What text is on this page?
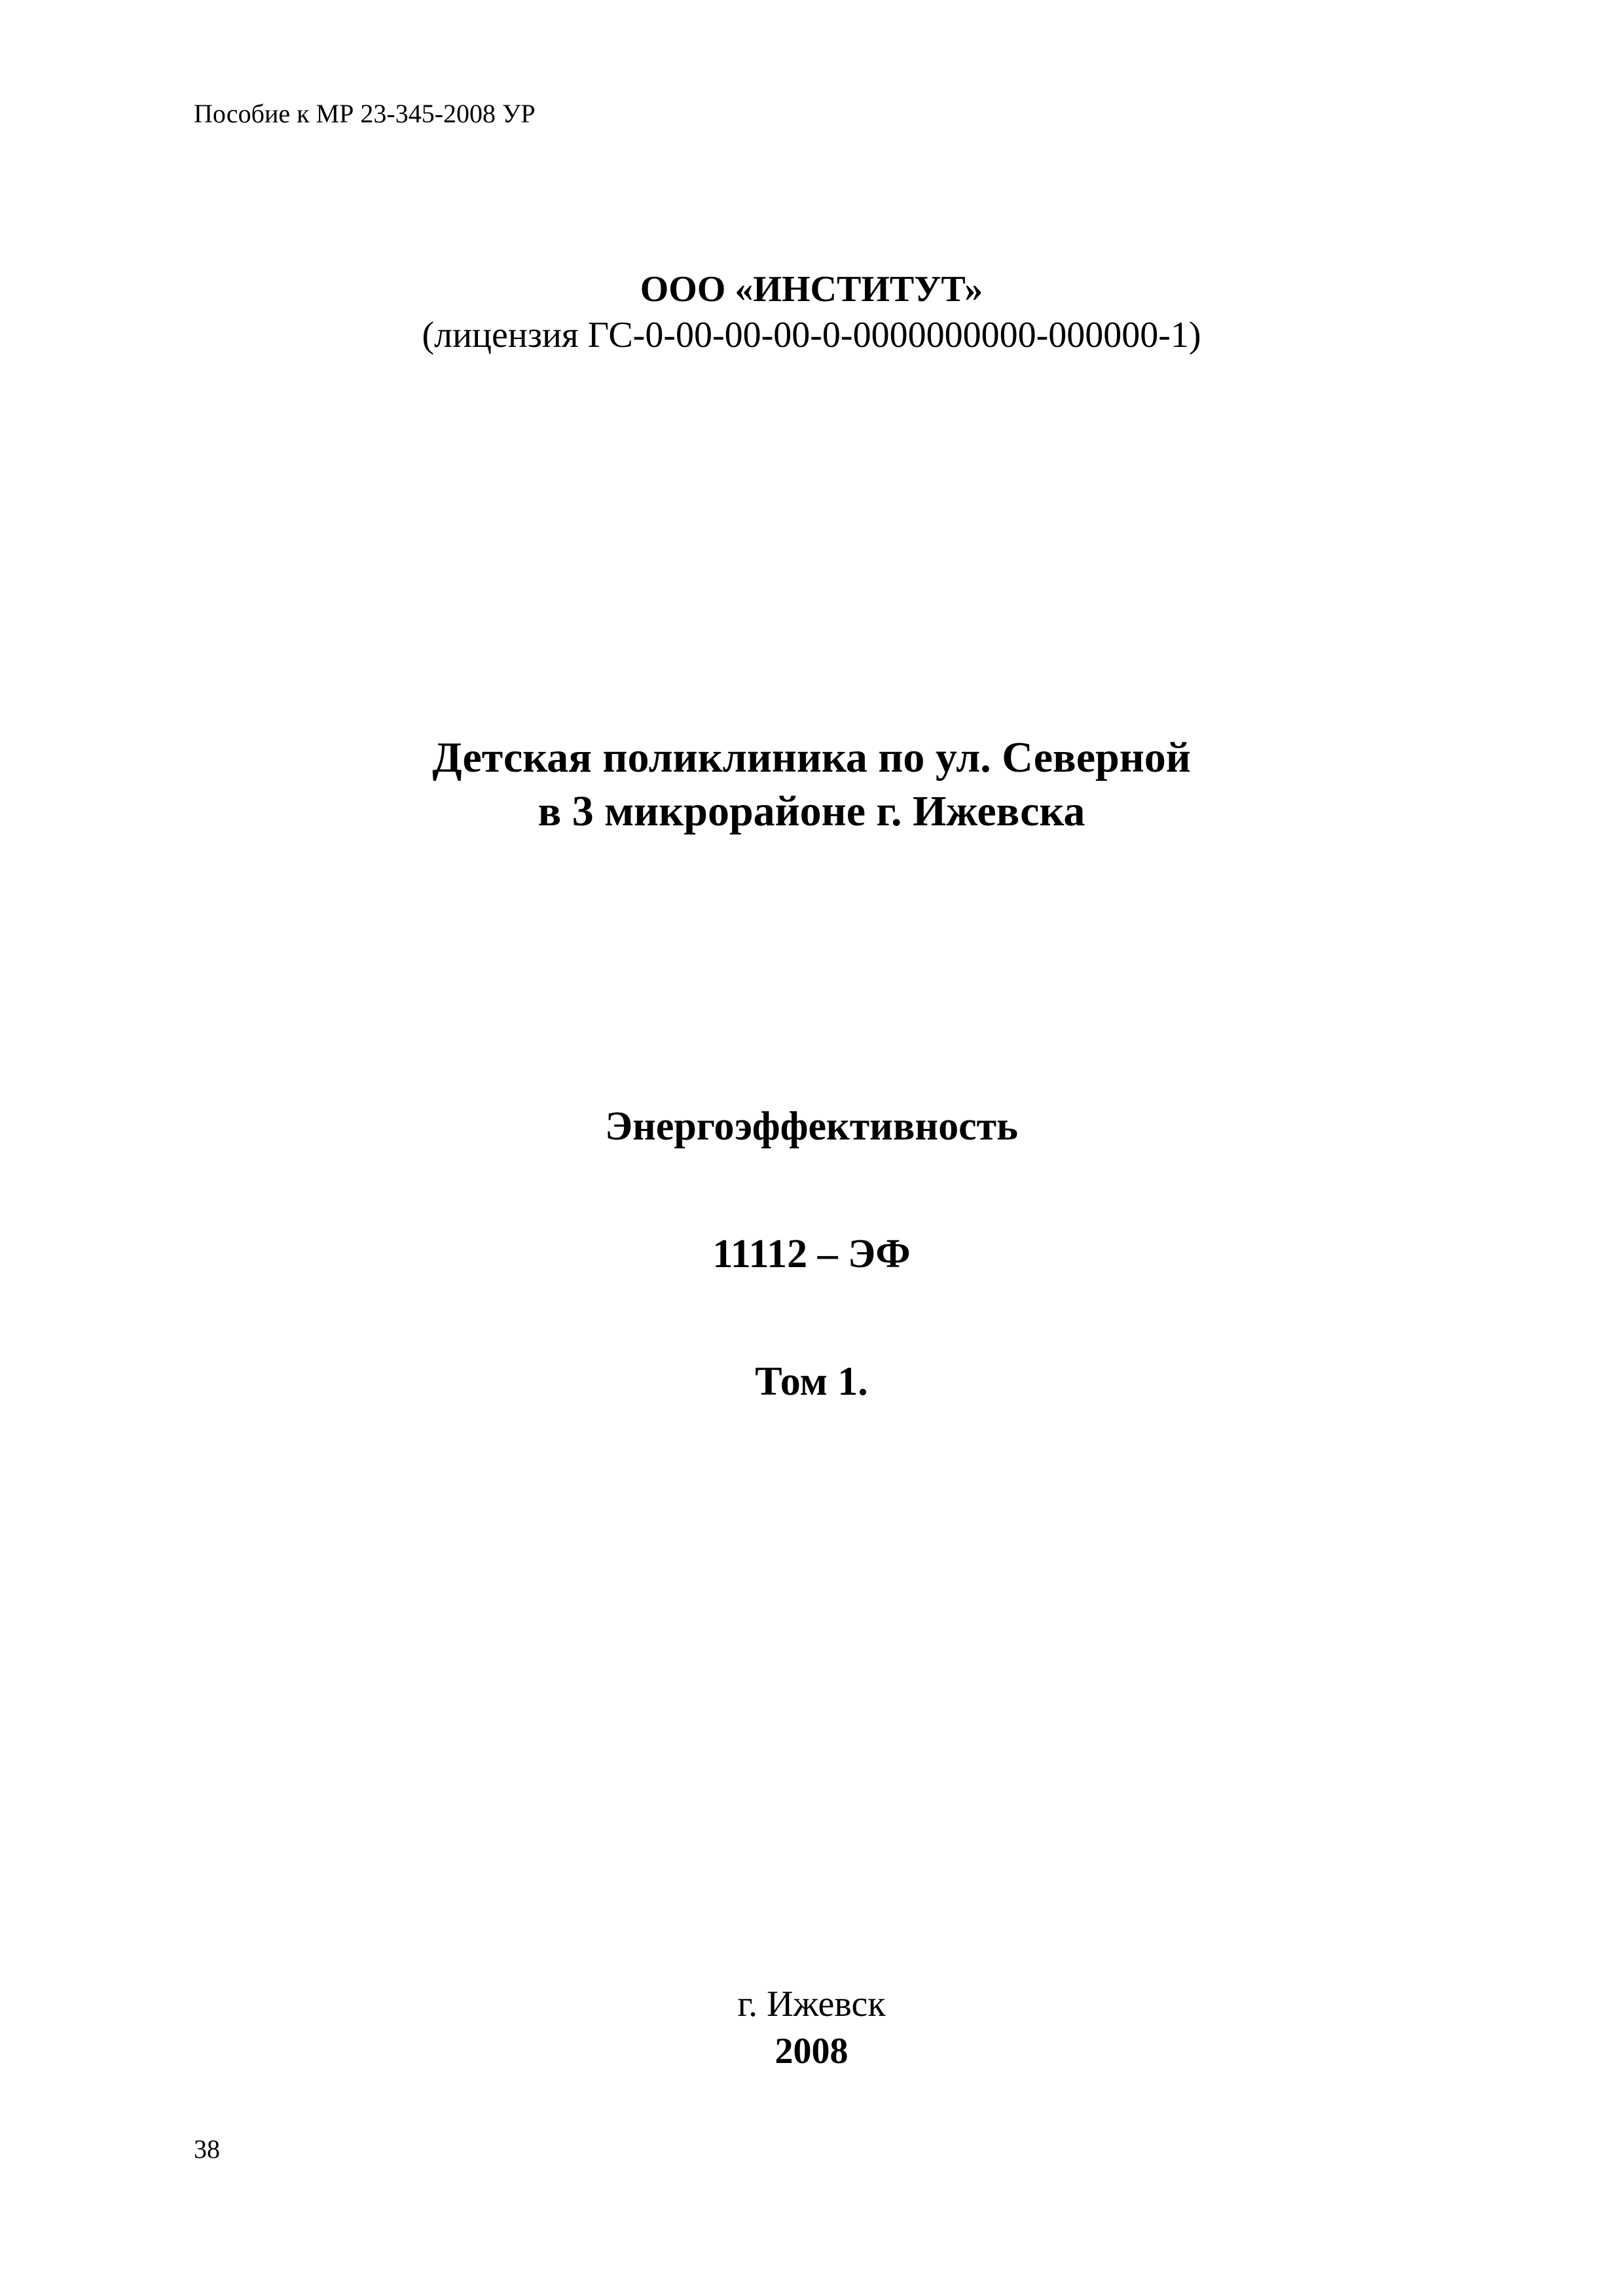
Пособие к МР 23-345-2008 УР
ООО «ИНСТИТУТ»
(лицензия ГС-0-00-00-00-0-0000000000-000000-1)
Детская поликлиника по ул. Северной
в 3 микрорайоне г. Ижевска
Энергоэффективность
11112 – ЭФ
Том 1.
г. Ижевск
2008
38
